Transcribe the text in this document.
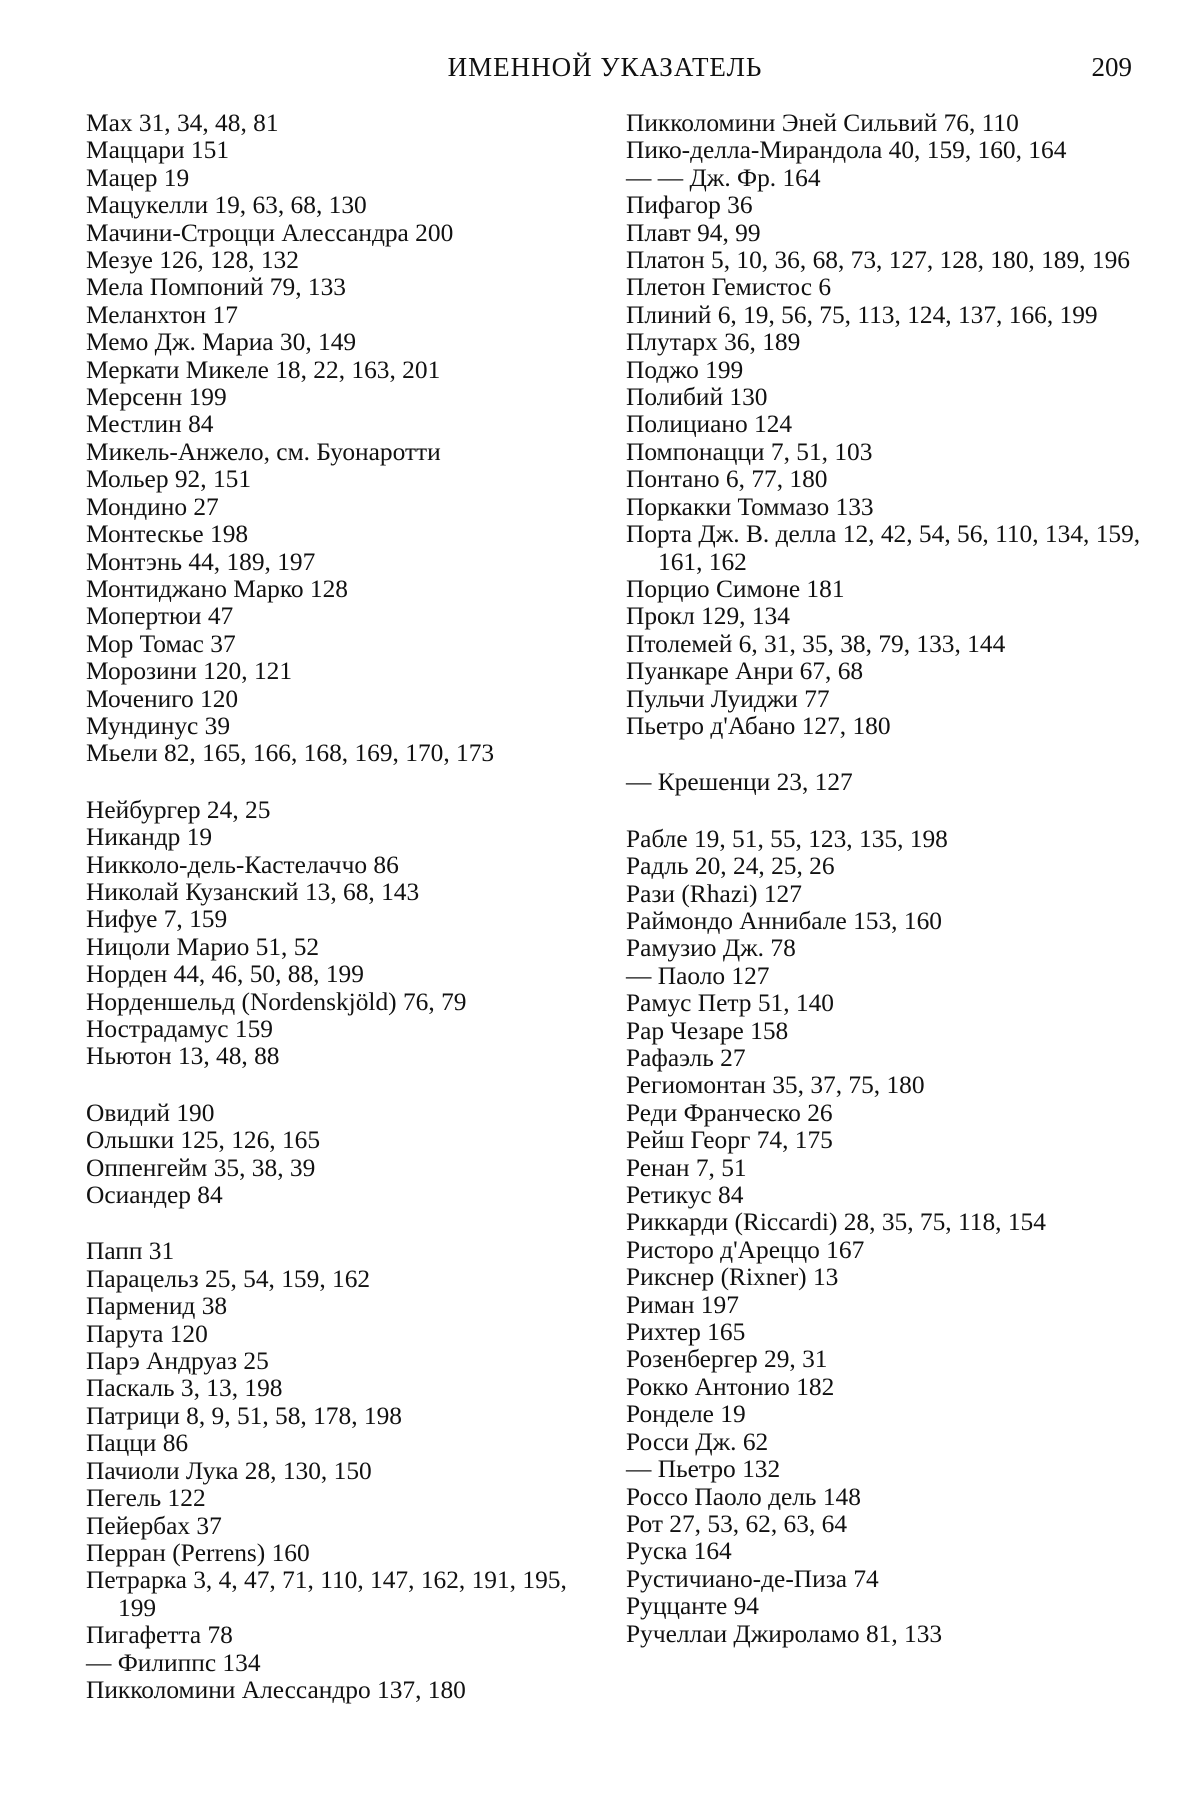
ИМЕННОЙ УКАЗАТЕЛЬ	209
Мах 31, 34, 48, 81
Маццари 151
Мацер 19
Мацукелли 19, 63, 68, 130
Мачини-Строцци Алессандра 200
Мезуе 126, 128, 132
Мела Помпоний 79, 133
Меланхтон 17
Мемо Дж. Мариа 30, 149
Меркати Микеле 18, 22, 163, 201
Мерсенн 199
Местлин 84
Микель-Анжело, см. Буонаротти
Мольер 92, 151
Мондино 27
Монтескье 198
Монтэнь 44, 189, 197
Монтиджано Марко 128
Мопертюи 47
Мор Томас 37
Морозини 120, 121
Мочениго 120
Мундинус 39
Мьели 82, 165, 166, 168, 169, 170, 173
Нейбургер 24, 25
Никандр 19
Никколо-дель-Кастелаччо 86
Николай Кузанский 13, 68, 143
Нифуе 7, 159
Ницоли Марио 51, 52
Норден 44, 46, 50, 88, 199
Норденшельд (Nordenskjöld) 76, 79
Нострадамус 159
Ньютон 13, 48, 88
Овидий 190
Ольшки 125, 126, 165
Оппенгейм 35, 38, 39
Осиандер 84
Папп 31
Парацельз 25, 54, 159, 162
Парменид 38
Парута 120
Парэ Андруаз 25
Паскаль 3, 13, 198
Патрици 8, 9, 51, 58, 178, 198
Пацци 86
Пачиоли Лука 28, 130, 150
Пегель 122
Пейербах 37
Перран (Perrens) 160
Петрарка 3, 4, 47, 71, 110, 147, 162, 191, 195, 199
Пигафетта 78
— Филиппс 134
Пикколомини Алессандро 137, 180
Пикколомини Эней Сильвий 76, 110
Пико-делла-Мирандола 40, 159, 160, 164
— — Дж. Фр. 164
Пифагор 36
Плавт 94, 99
Платон 5, 10, 36, 68, 73, 127, 128, 180, 189, 196
Плетон Гемистос 6
Плиний 6, 19, 56, 75, 113, 124, 137, 166, 199
Плутарх 36, 189
Поджо 199
Полибий 130
Полициано 124
Помпонацци 7, 51, 103
Понтано 6, 77, 180
Поркакки Томмазо 133
Порта Дж. В. делла 12, 42, 54, 56, 110, 134, 159, 161, 162
Порцио Симоне 181
Прокл 129, 134
Птолемей 6, 31, 35, 38, 79, 133, 144
Пуанкаре Анри 67, 68
Пульчи Луиджи 77
Пьетро д'Абано 127, 180
— Крешенци 23, 127
Рабле 19, 51, 55, 123, 135, 198
Радль 20, 24, 25, 26
Рази (Rhazi) 127
Раймондо Аннибале 153, 160
Рамузио Дж. 78
— Паоло 127
Рамус Петр 51, 140
Рар Чезаре 158
Рафаэль 27
Региомонтан 35, 37, 75, 180
Реди Франческо 26
Рейш Георг 74, 175
Ренан 7, 51
Ретикус 84
Риккарди (Riccardi) 28, 35, 75, 118, 154
Ристоро д'Ареццо 167
Рикснер (Rixner) 13
Риман 197
Рихтер 165
Розенбергер 29, 31
Рокко Антонио 182
Ронделе 19
Росси Дж. 62
— Пьетро 132
Россо Паоло дель 148
Рот 27, 53, 62, 63, 64
Руска 164
Рустичиано-де-Пиза 74
Руццанте 94
Ручеллаи Джироламо 81, 133
